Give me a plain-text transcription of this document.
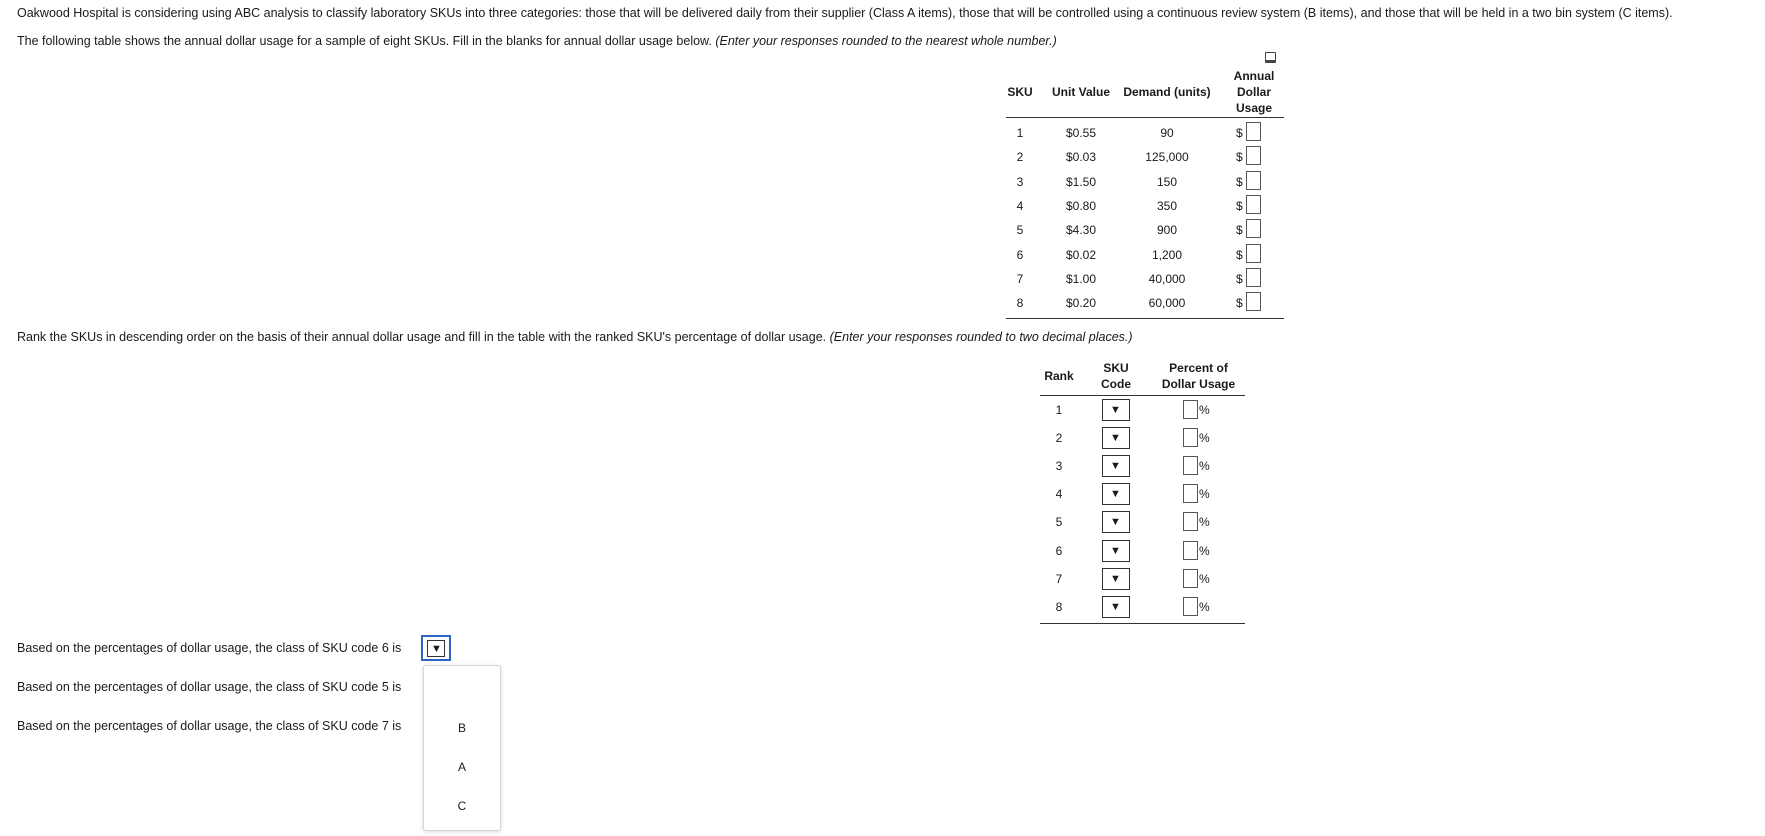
Oakwood Hospital is considering using ABC analysis to classify laboratory SKUs into three categories: those that will be delivered daily from their supplier (Class A items), those that will be controlled using a continuous review system (B items), and those that will be held in a two bin system (C items).
The following table shows the annual dollar usage for a sample of eight SKUs. Fill in the blanks for annual dollar usage below. (Enter your responses rounded to the nearest whole number.)
SKU	Unit Value	Demand (units)
Annual
Dollar
Usage
1	$0.55	90	$
2	$0.03	125,000	$
3	$1.50	150	$
4	$0.80	350	$
5	$4.30	900	$
6	$0.02	1,200	$
7	$1.00	40,000	$
8	$0.20	60,000	$
Rank the SKUs in descending order on the basis of their annual dollar usage and fill in the table with the ranked SKU's percentage of dollar usage. (Enter your responses rounded to two decimal places.)
Rank
SKU
Code
Percent of
Dollar Usage
1	▼	%
2	▼	%
3	▼	%
4	▼	%
5	▼	%
6	▼	%
7	▼	%
8	▼	%
Based on the percentages of dollar usage, the class of SKU code 6 is	▼
Based on the percentages of dollar usage, the class of SKU code 5 is
Based on the percentages of dollar usage, the class of SKU code 7 is	B
A
C
